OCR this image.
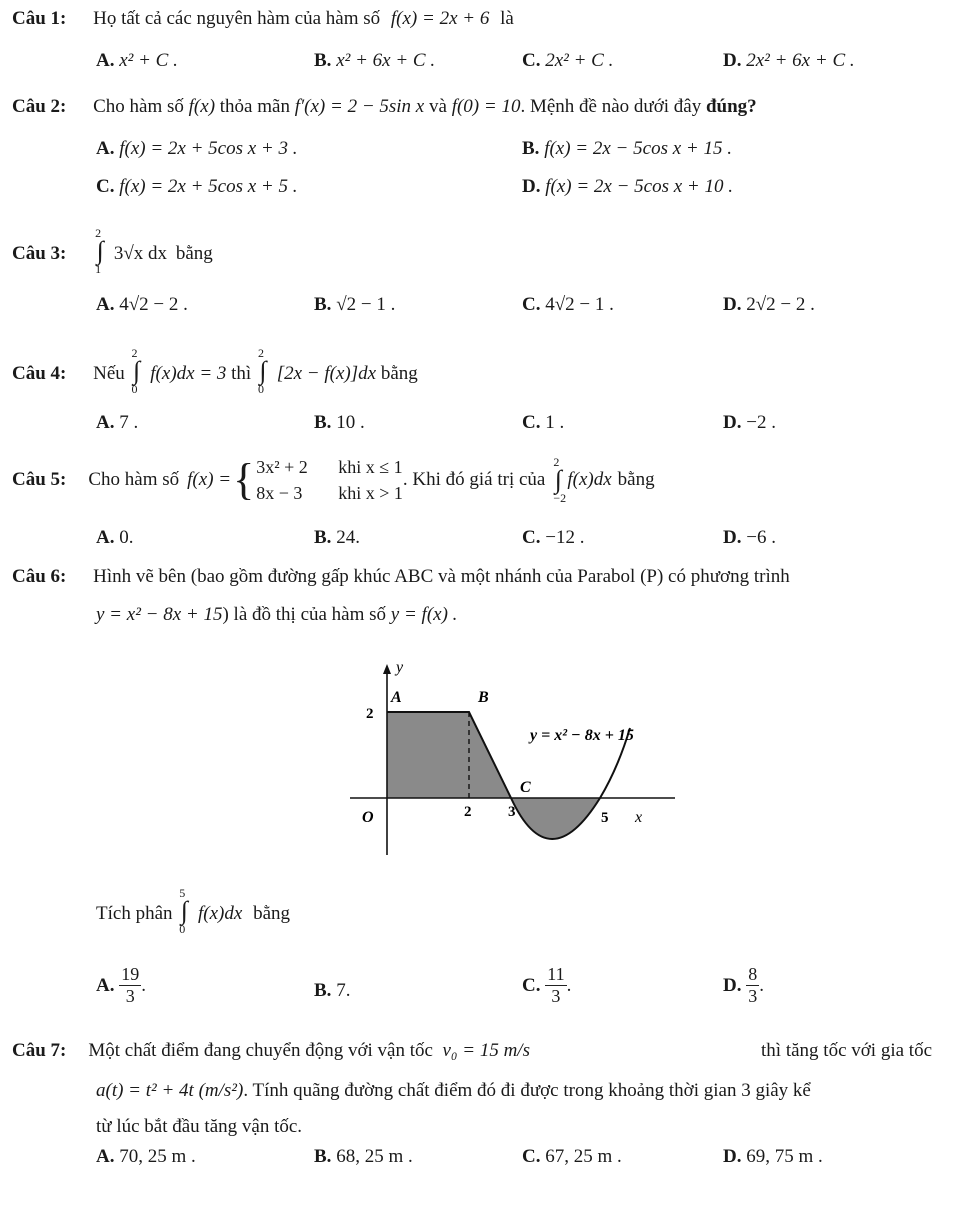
Câu 1: Họ tất cả các nguyên hàm của hàm số f(x) = 2x + 6 là
A. x² + C .	B. x² + 6x + C .	C. 2x² + C .	D. 2x² + 6x + C .
Câu 2: Cho hàm số f(x) thỏa mãn f′(x) = 2 − 5sin x và f(0) = 10. Mệnh đề nào dưới đây đúng?
A. f(x) = 2x + 5cos x + 3 .	B. f(x) = 2x − 5cos x + 15 .
C. f(x) = 2x + 5cos x + 5 .	D. f(x) = 2x − 5cos x + 10 .
Câu 3:
2
∫
1
3√x dx bằng
A. 4√2 − 2 .	B. √2 − 1 .	C. 4√2 − 1 .	D. 2√2 − 2 .
Câu 4: Nếu
2
∫
0
f(x)dx = 3 thì
2
∫
0
[2x − f(x)]dx bằng
A. 7 .	B. 10 .	C. 1 .	D. −2 .
Câu 5: Cho hàm số f(x) = { 3x² + 2 khi x ≤ 1
8x − 3 khi x > 1
. Khi đó giá trị của
2
∫
−2
f(x)dx bằng
A. 0.	B. 24.	C. −12 .	D. −6 .
Câu 6: Hình vẽ bên (bao gồm đường gấp khúc ABC và một nhánh của Parabol (P) có phương trình
y = x² − 8x + 15) là đồ thị của hàm số y = f(x) .
y
x
O
A	B
C
2
2 3	5
y = x² − 8x + 15
Tích phân
5
∫
0
f(x)dx bằng
A.
$\frac{19}{3}$ .	B. 7.	C.
$\frac{11}{3}$ .	D.
$\frac{8}{3}$ .
Câu 7: Một chất điểm đang chuyển động với vận tốc v₀ = 15 m/s	thì tăng tốc với gia tốc
a(t) = t² + 4t (m/s²). Tính quãng đường chất điểm đó đi được trong khoảng thời gian 3 giây kể
từ lúc bắt đầu tăng vận tốc.
A. 70, 25 m .	B. 68, 25 m .	C. 67, 25 m .	D. 69, 75 m .
